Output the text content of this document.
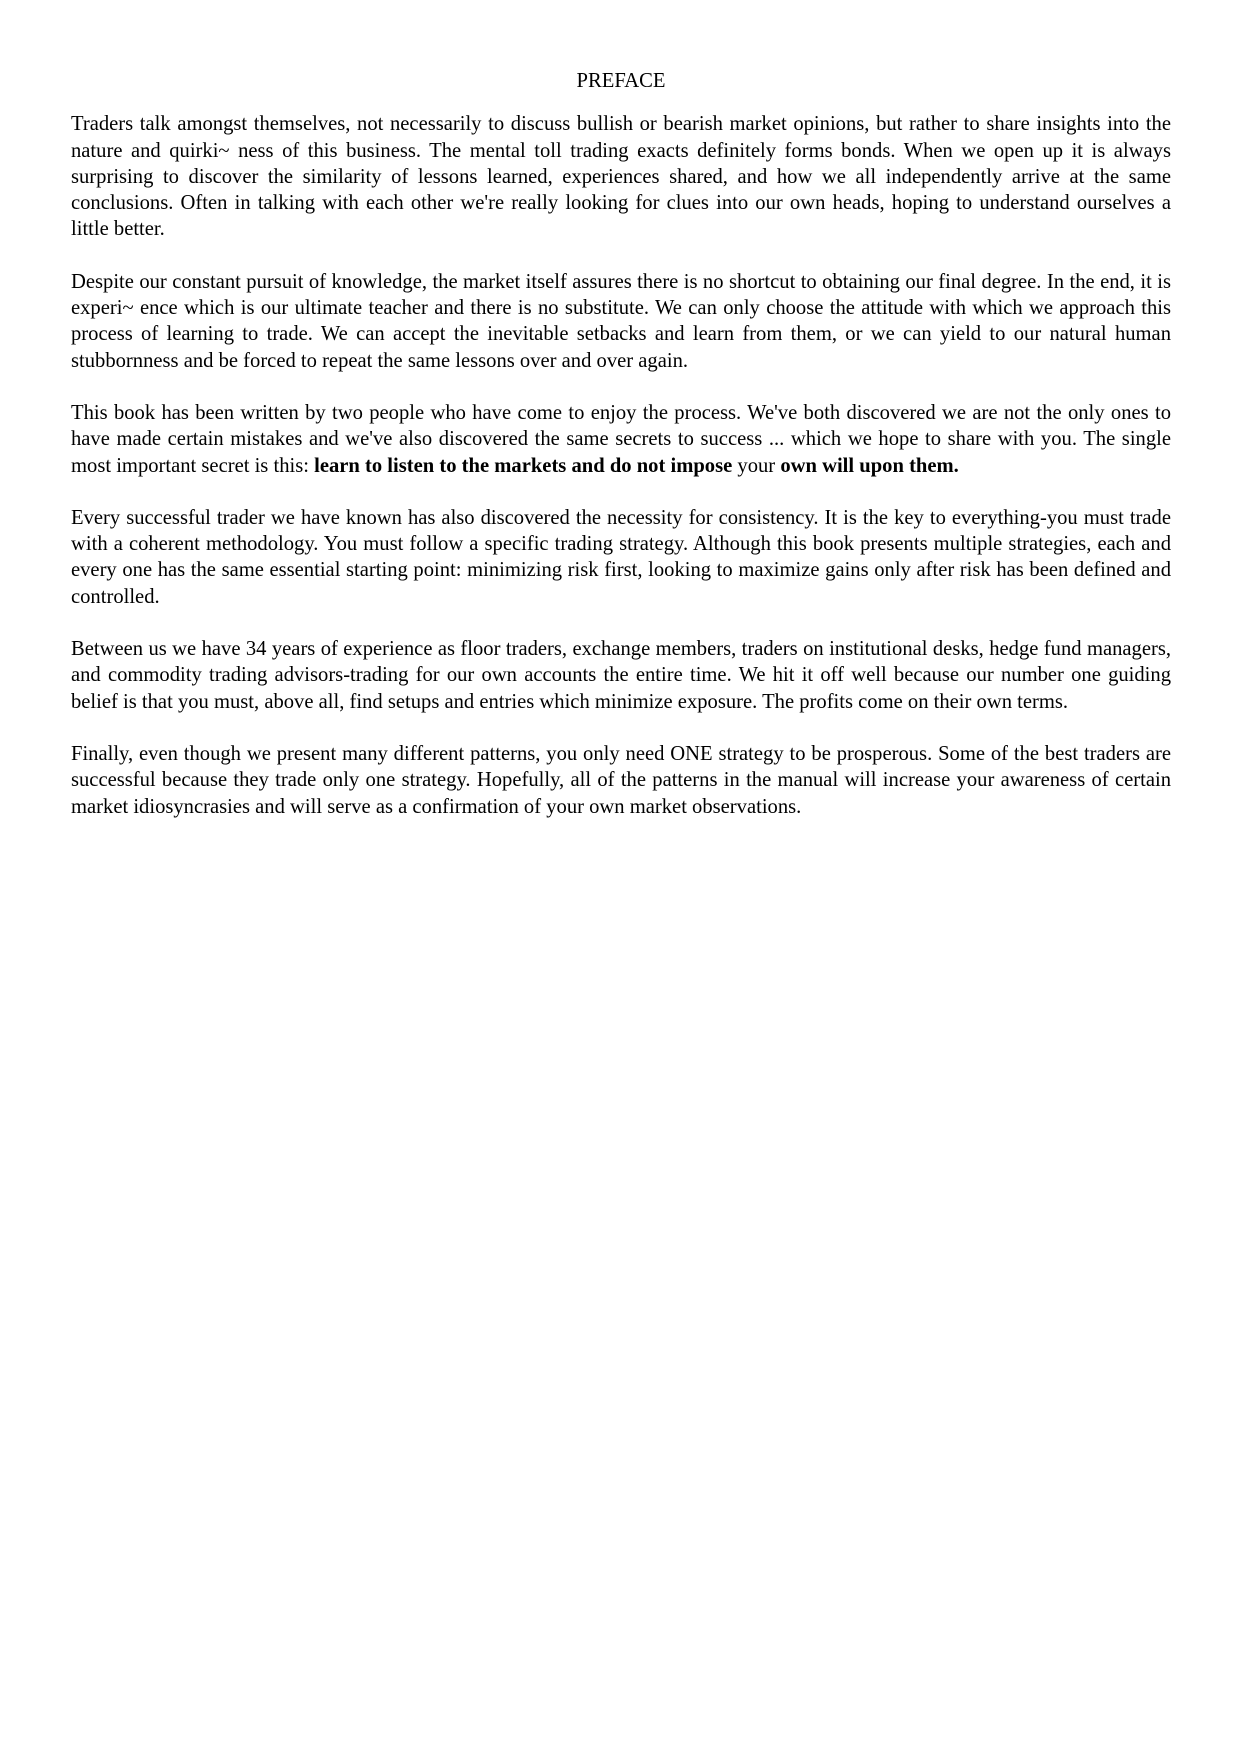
PREFACE

Traders talk amongst themselves, not necessarily to discuss bullish or bearish market opinions, but rather to share insights into the nature and quirki~ ness of this business. The mental toll trading exacts definitely forms bonds. When we open up it is always surprising to discover the similarity of lessons learned, experiences shared, and how we all independently arrive at the same conclusions. Often in talking with each other we're really looking for clues into our own heads, hoping to understand ourselves a little better.

Despite our constant pursuit of knowledge, the market itself assures there is no shortcut to obtaining our final degree. In the end, it is experi~ ence which is our ultimate teacher and there is no substitute. We can only choose the attitude with which we approach this process of learning to trade. We can accept the inevitable setbacks and learn from them, or we can yield to our natural human stubbornness and be forced to repeat the same lessons over and over again.

This book has been written by two people who have come to enjoy the process. We've both discovered we are not the only ones to have made certain mistakes and we've also discovered the same secrets to success ... which we hope to share with you. The single most important secret is this: learn to listen to the markets and do not impose your own will upon them.

Every successful trader we have known has also discovered the necessity for consistency. It is the key to everything-you must trade with a coherent methodology. You must follow a specific trading strategy. Although this book presents multiple strategies, each and every one has the same essential starting point: minimizing risk first, looking to maximize gains only after risk has been defined and controlled.

Between us we have 34 years of experience as floor traders, exchange members, traders on institutional desks, hedge fund managers, and commodity trading advisors-trading for our own accounts the entire time. We hit it off well because our number one guiding belief is that you must, above all, find setups and entries which minimize exposure. The profits come on their own terms.

Finally, even though we present many different patterns, you only need ONE strategy to be prosperous. Some of the best traders are successful because they trade only one strategy. Hopefully, all of the patterns in the manual will increase your awareness of certain market idiosyncrasies and will serve as a confirmation of your own market observations.
